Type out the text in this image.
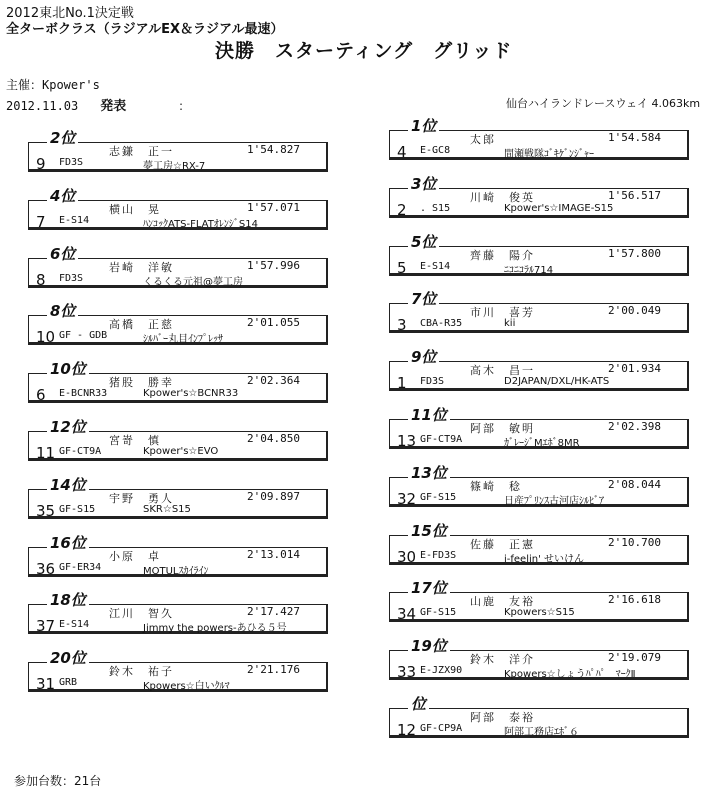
2012東北No.1決定戦
全ターボクラス（ラジアルEX＆ラジアル最速）
決勝　スターティング　グリッド
主催：Kpower's
2012.11.03 発表	：	仙台ハイランドレースウェイ 4.063km
2位
志鎌　正一	1'54.827
9 FD3S	夢工房☆RX-7
4位
横山　晃	1'57.071
7 E-S14	ﾊﾝｺｯｸATS-FLATｵﾚﾝｼﾞS14
6位
岩崎　洋敏	1'57.996
8 FD3S	くるくる元祖@夢工房
8位
高橋　正慈	2'01.055
10 GF - GDB	ｼﾙﾊﾞｰ丸目ｲﾝﾌﾟﾚｯｻ
10位
猪股　勝幸	2'02.364
6 E-BCNR33	Kpower's☆BCNR33
12位
宮嵜　慎	2'04.850
11 GF-CT9A	Kpower's☆EVO
14位
宇野　勇人	2'09.897
35 GF-S15	SKR☆S15
16位
小原　卓	2'13.014
36 GF-ER34	MOTULｽｶｲﾗｲﾝ
18位
江川　智久	2'17.427
37 E-S14	Jimmy the powers-あひる５号
20位
鈴木　祐子	2'21.176
31 GRB	Kpowers☆白いｸﾙﾏ
1位
太郎	1'54.584
4 E-GC8	間瀬戦隊ｺﾞｷｹﾞﾝｼﾞｬｰ
3位
川崎　俊英	1'56.517
2 . S15	Kpower's☆IMAGE-S15
5位
齊藤　陽介	1'57.800
5 E-S14	ﾆｺﾆｺﾗﾙ714
7位
市川　喜芳	2'00.049
3 CBA-R35	kii
9位
高木　昌一	2'01.934
1 FD3S	D2JAPAN/DXL/HK-ATS
11位
阿部　敏明	2'02.398
13 GF-CT9A	ｶﾞﾚｰｼﾞMｴﾎﾞ8MR
13位
篠崎　稔	2'08.044
32 GF-S15	日産ﾌﾟﾘﾝｽ古河店ｼﾙﾋﾞｱ
15位
佐藤　正憲	2'10.700
30 E-FD3S	i-feelin' せいけん
17位
山鹿　友裕	2'16.618
34 GF-S15	Kpowers☆S15
19位
鈴木　洋介	2'19.079
33 E-JZX90	Kpowers☆しょうﾊﾟﾊﾟ　ﾏｰｸⅡ
位
阿部　泰裕
12 GF-CP9A	阿部工務店ｴﾎﾞ６
参加台数：21台
